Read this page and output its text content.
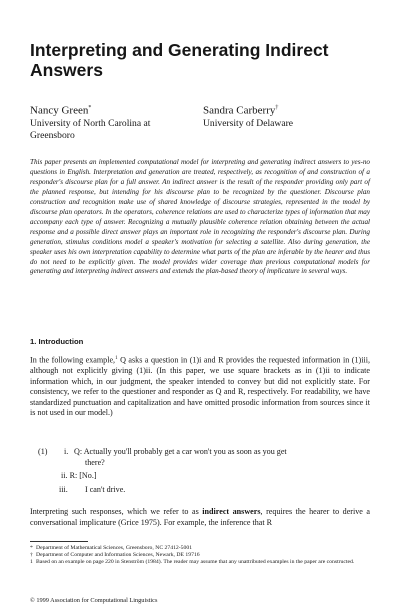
Interpreting and Generating Indirect Answers
Nancy Green*
University of North Carolina at Greensboro
Sandra Carberry†
University of Delaware

This paper presents an implemented computational model for interpreting and generating indirect answers to yes-no questions in English. Interpretation and generation are treated, respectively, as recognition of and construction of a responder's discourse plan for a full answer. An indirect answer is the result of the responder providing only part of the planned response, but intending for his discourse plan to be recognized by the questioner. Discourse plan construction and recognition make use of shared knowledge of discourse strategies, represented in the model by discourse plan operators. In the operators, coherence relations are used to characterize types of information that may accompany each type of answer. Recognizing a mutually plausible coherence relation obtaining between the actual response and a possible direct answer plays an important role in recognizing the responder's discourse plan. During generation, stimulus conditions model a speaker's motivation for selecting a satellite. Also during generation, the speaker uses his own interpretation capability to determine what parts of the plan are inferable by the hearer and thus do not need to be explicitly given. The model provides wider coverage than previous computational models for generating and interpreting indirect answers and extends the plan-based theory of implicature in several ways.

1. Introduction

In the following example,$^1$ Q asks a question in (1)i and R provides the requested information in (1)iii, although not explicitly giving (1)ii. (In this paper, we use square brackets as in (1)ii to indicate information which, in our judgment, the speaker intended to convey but did not explicitly state. For consistency, we refer to the questioner and responder as Q and R, respectively. For readability, we have standardized punctuation and capitalization and have omitted prosodic information from sources since it is not used in our model.)

(1) i. Q: Actually you'll probably get a car won't you as soon as you get
there?
ii. R: [No.]
iii. I can't drive.

Interpreting such responses, which we refer to as indirect answers, requires the hearer to derive a conversational implicature (Grice 1975). For example, the inference that R

* Department of Mathematical Sciences, Greensboro, NC 27412-5001
† Department of Computer and Information Sciences, Newark, DE 19716
1 Based on an example on page 220 in Stenström (1984). The reader may assume that any unattributed examples in the paper are constructed.
© 1999 Association for Computational Linguistics
